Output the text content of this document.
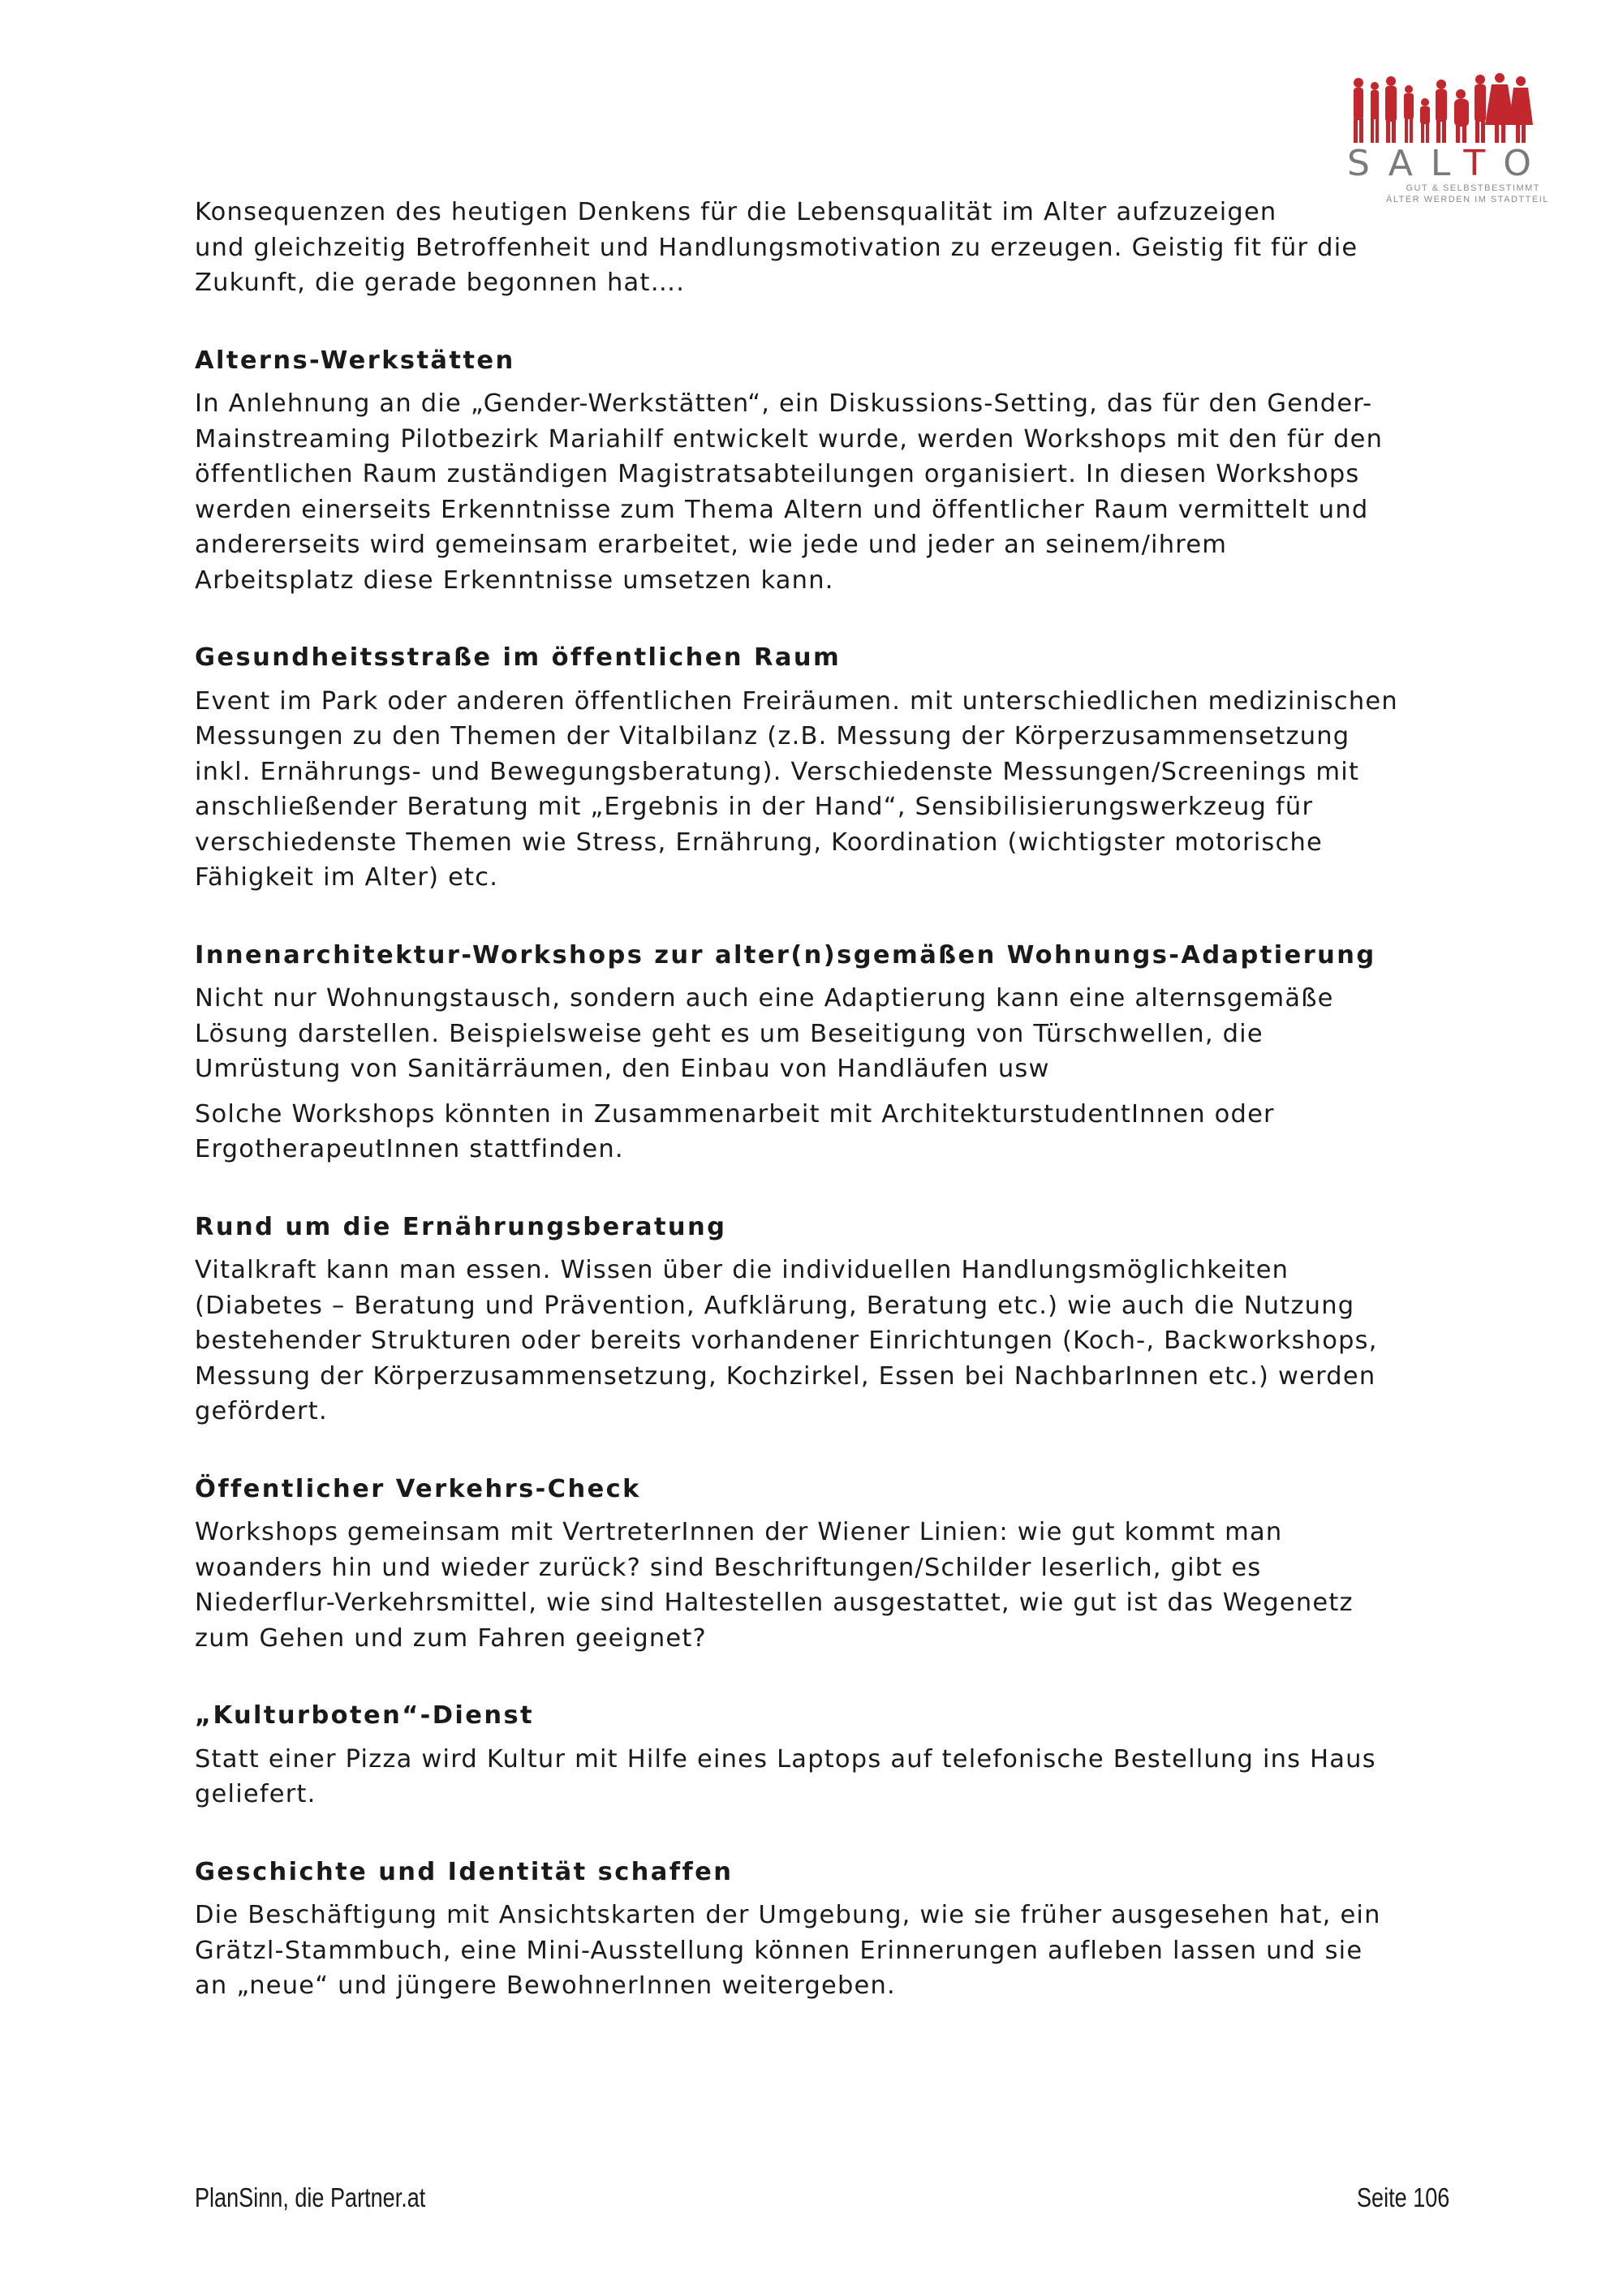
SALTO
GUT & SELBSTBESTIMMT
ÄLTER WERDEN IM STADTTEIL

Konsequenzen des heutigen Denkens für die Lebensqualität im Alter aufzuzeigen
und gleichzeitig Betroffenheit und Handlungsmotivation zu erzeugen. Geistig fit für die
Zukunft, die gerade begonnen hat….

Alterns-Werkstätten

In Anlehnung an die „Gender-Werkstätten“, ein Diskussions-Setting, das für den Gender-
Mainstreaming Pilotbezirk Mariahilf entwickelt wurde, werden Workshops mit den für den
öffentlichen Raum zuständigen Magistratsabteilungen organisiert. In diesen Workshops
werden einerseits Erkenntnisse zum Thema Altern und öffentlicher Raum vermittelt und
andererseits wird gemeinsam erarbeitet, wie jede und jeder an seinem/ihrem
Arbeitsplatz diese Erkenntnisse umsetzen kann.

Gesundheitsstraße im öffentlichen Raum

Event im Park oder anderen öffentlichen Freiräumen. mit unterschiedlichen medizinischen
Messungen zu den Themen der Vitalbilanz (z.B. Messung der Körperzusammensetzung
inkl. Ernährungs- und Bewegungsberatung). Verschiedenste Messungen/Screenings mit
anschließender Beratung mit „Ergebnis in der Hand“, Sensibilisierungswerkzeug für
verschiedenste Themen wie Stress, Ernährung, Koordination (wichtigster motorische
Fähigkeit im Alter) etc.

Innenarchitektur-Workshops zur alter(n)sgemäßen Wohnungs-Adaptierung

Nicht nur Wohnungstausch, sondern auch eine Adaptierung kann eine alternsgemäße
Lösung darstellen. Beispielsweise geht es um Beseitigung von Türschwellen, die
Umrüstung von Sanitärräumen, den Einbau von Handläufen usw

Solche Workshops könnten in Zusammenarbeit mit ArchitekturstudentInnen oder
ErgotherapeutInnen stattfinden.

Rund um die Ernährungsberatung

Vitalkraft kann man essen. Wissen über die individuellen Handlungsmöglichkeiten
(Diabetes – Beratung und Prävention, Aufklärung, Beratung etc.) wie auch die Nutzung
bestehender Strukturen oder bereits vorhandener Einrichtungen (Koch-, Backworkshops,
Messung der Körperzusammensetzung, Kochzirkel, Essen bei NachbarInnen etc.) werden
gefördert.

Öffentlicher Verkehrs-Check

Workshops gemeinsam mit VertreterInnen der Wiener Linien: wie gut kommt man
woanders hin und wieder zurück? sind Beschriftungen/Schilder leserlich, gibt es
Niederflur-Verkehrsmittel, wie sind Haltestellen ausgestattet, wie gut ist das Wegenetz
zum Gehen und zum Fahren geeignet?

„Kulturboten“-Dienst

Statt einer Pizza wird Kultur mit Hilfe eines Laptops auf telefonische Bestellung ins Haus
geliefert.

Geschichte und Identität schaffen

Die Beschäftigung mit Ansichtskarten der Umgebung, wie sie früher ausgesehen hat, ein
Grätzl-Stammbuch, eine Mini-Ausstellung können Erinnerungen aufleben lassen und sie
an „neue“ und jüngere BewohnerInnen weitergeben.

PlanSinn, die Partner.at	Seite 106
